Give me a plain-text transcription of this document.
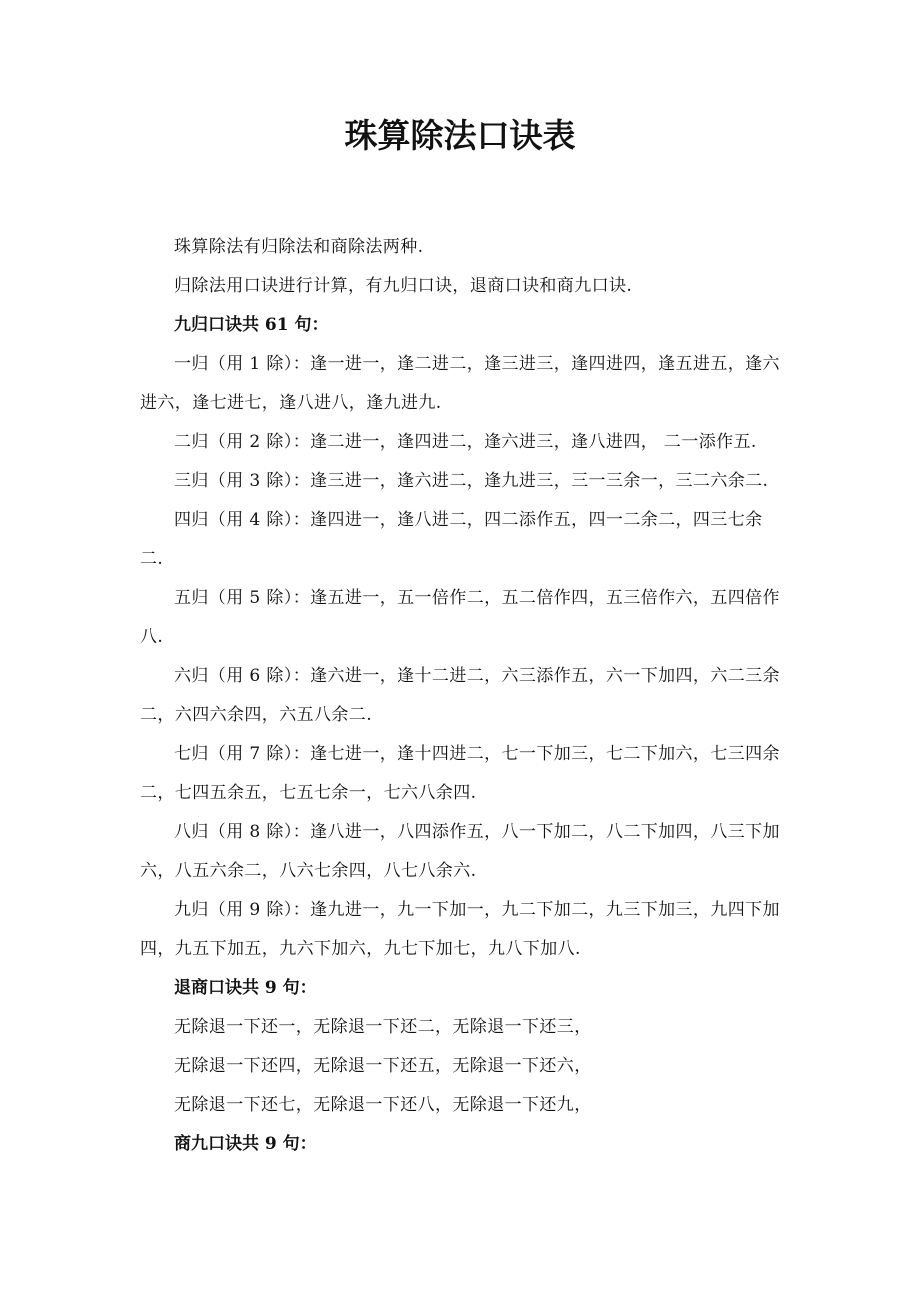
珠算除法口诀表

珠算除法有归除法和商除法两种.

归除法用口诀进行计算，有九归口诀，退商口诀和商九口诀.

九归口诀共 61 句：

一归（用 1 除）：逢一进一，逢二进二，逢三进三，逢四进四，逢五进五，逢六进六，逢七进七，逢八进八，逢九进九.

二归（用 2 除）：逢二进一，逢四进二，逢六进三，逢八进四， 二一添作五.

三归（用 3 除）：逢三进一，逢六进二，逢九进三，三一三余一，三二六余二.

四归（用 4 除）：逢四进一，逢八进二，四二添作五，四一二余二，四三七余二.

五归（用 5 除）：逢五进一，五一倍作二，五二倍作四，五三倍作六，五四倍作八.

六归（用 6 除）：逢六进一，逢十二进二，六三添作五，六一下加四，六二三余二，六四六余四，六五八余二.

七归（用 7 除）：逢七进一，逢十四进二，七一下加三，七二下加六，七三四余二，七四五余五，七五七余一，七六八余四.

八归（用 8 除）：逢八进一，八四添作五，八一下加二，八二下加四，八三下加六，八五六余二，八六七余四，八七八余六.

九归（用 9 除）：逢九进一，九一下加一，九二下加二，九三下加三，九四下加四，九五下加五，九六下加六，九七下加七，九八下加八.

退商口诀共 9 句：

无除退一下还一，无除退一下还二，无除退一下还三，

无除退一下还四，无除退一下还五，无除退一下还六，

无除退一下还七，无除退一下还八，无除退一下还九，

商九口诀共 9 句：
